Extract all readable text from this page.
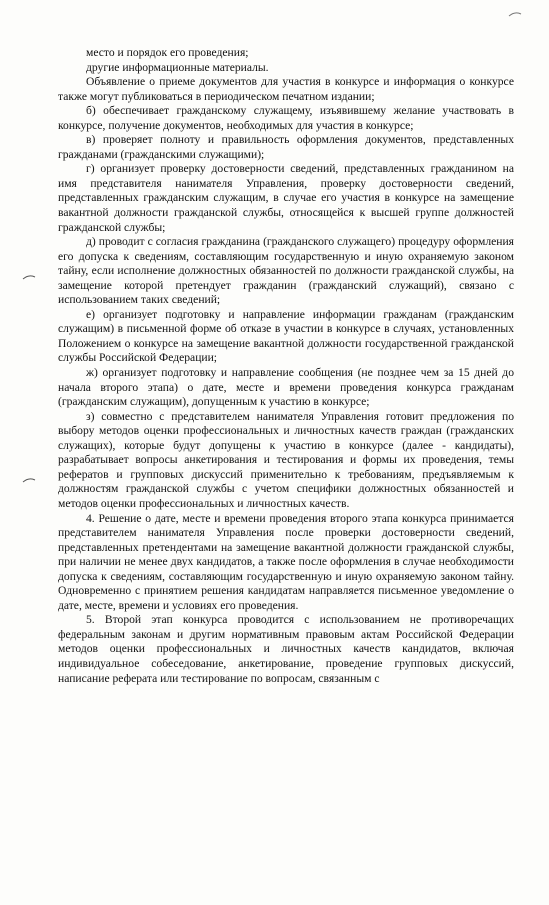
место и порядок его проведения;

другие информационные материалы.

Объявление о приеме документов для участия в конкурсе и информация о конкурсе также могут публиковаться в периодическом печатном издании;

б) обеспечивает гражданскому служащему, изъявившему желание участвовать в конкурсе, получение документов, необходимых для участия в конкурсе;

в) проверяет полноту и правильность оформления документов, представленных гражданами (гражданскими служащими);

г) организует проверку достоверности сведений, представленных гражданином на имя представителя нанимателя Управления, проверку достоверности сведений, представленных гражданским служащим, в случае его участия в конкурсе на замещение вакантной должности гражданской службы, относящейся к высшей группе должностей гражданской службы;

д) проводит с согласия гражданина (гражданского служащего) процедуру оформления его допуска к сведениям, составляющим государственную и иную охраняемую законом тайну, если исполнение должностных обязанностей по должности гражданской службы, на замещение которой претендует гражданин (гражданский служащий), связано с использованием таких сведений;

е) организует подготовку и направление информации гражданам (гражданским служащим) в письменной форме об отказе в участии в конкурсе в случаях, установленных Положением о конкурсе на замещение вакантной должности государственной гражданской службы Российской Федерации;

ж) организует подготовку и направление сообщения (не позднее чем за 15 дней до начала второго этапа) о дате, месте и времени проведения конкурса гражданам (гражданским служащим), допущенным к участию в конкурсе;

з) совместно с представителем нанимателя Управления готовит предложения по выбору методов оценки профессиональных и личностных качеств граждан (гражданских служащих), которые будут допущены к участию в конкурсе (далее - кандидаты), разрабатывает вопросы анкетирования и тестирования и формы их проведения, темы рефератов и групповых дискуссий применительно к требованиям, предъявляемым к должностям гражданской службы с учетом специфики должностных обязанностей и методов оценки профессиональных и личностных качеств.

4. Решение о дате, месте и времени проведения второго этапа конкурса принимается представителем нанимателя Управления после проверки достоверности сведений, представленных претендентами на замещение вакантной должности гражданской службы, при наличии не менее двух кандидатов, а также после оформления в случае необходимости допуска к сведениям, составляющим государственную и иную охраняемую законом тайну. Одновременно с принятием решения кандидатам направляется письменное уведомление о дате, месте, времени и условиях его проведения.

5. Второй этап конкурса проводится с использованием не противоречащих федеральным законам и другим нормативным правовым актам Российской Федерации методов оценки профессиональных и личностных качеств кандидатов, включая индивидуальное собеседование, анкетирование, проведение групповых дискуссий, написание реферата или тестирование по вопросам, связанным с
